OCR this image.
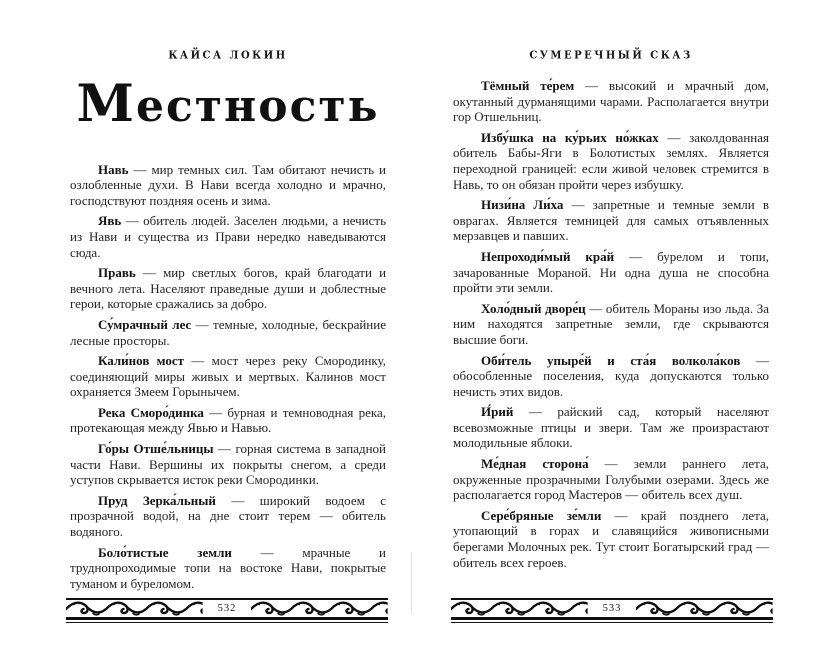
КАЙСА ЛОКИН
Местность

Навь — мир темных сил. Там обитают нечисть и озлобленные духи. В Нави всегда холодно и мрачно, господствуют поздняя осень и зима.

Явь — обитель людей. Заселен людьми, а нечисть из Нави и существа из Прави нередко наведываются сюда.

Правь — мир светлых богов, край благодати и вечного лета. Населяют праведные души и доблестные герои, которые сражались за добро.

Су́мрачный лес — темные, холодные, бескрайние лесные просторы.

Кали́нов мост — мост через реку Смородинку, соединяющий миры живых и мертвых. Калинов мост охраняется Змеем Горынычем.

Река Сморо́динка — бурная и темноводная река, протекающая между Явью и Навью.

Го́ры Отше́льницы — горная система в западной части Нави. Вершины их покрыты снегом, а среди уступов скрывается исток реки Смородинки.

Пруд Зерка́льный — широкий водоем с прозрачной водой, на дне стоит терем — обитель водяного.

Боло́тистые земли — мрачные и труднопроходимые топи на востоке Нави, покрытые туманом и буреломом.

СУМЕРЕЧНЫЙ СКАЗ

Тёмный те́рем — высокий и мрачный дом, окутанный дурманящими чарами. Располагается внутри гор Отшельниц.

Избу́шка на ку́рьих но́жках — заколдованная обитель Бабы-Яги в Болотистых землях. Является переходной границей: если живой человек стремится в Навь, то он обязан пройти через избушку.

Низи́на Ли́ха — запретные и темные земли в оврагах. Является темницей для самых отъявленных мерзавцев и павших.

Непроходи́мый кра́й — бурелом и топи, зачарованные Мораной. Ни одна душа не способна пройти эти земли.

Холо́дный дворе́ц — обитель Мораны изо льда. За ним находятся запретные земли, где скрываются высшие боги.

Оби́тель упыре́й и ста́я волкола́ков — обособленные поселения, куда допускаются только нечисть этих видов.

И́рий — райский сад, который населяют всевозможные птицы и звери. Там же произрастают молодильные яблоки.

Ме́дная сторона́ — земли раннего лета, окруженные прозрачными Голубыми озерами. Здесь же располагается город Мастеров — обитель всех душ.

Сере́бряные зе́мли — край позднего лета, утопающий в горах и славящийся живописными берегами Молочных рек. Тут стоит Богатырский град — обитель всех героев.

532	533
